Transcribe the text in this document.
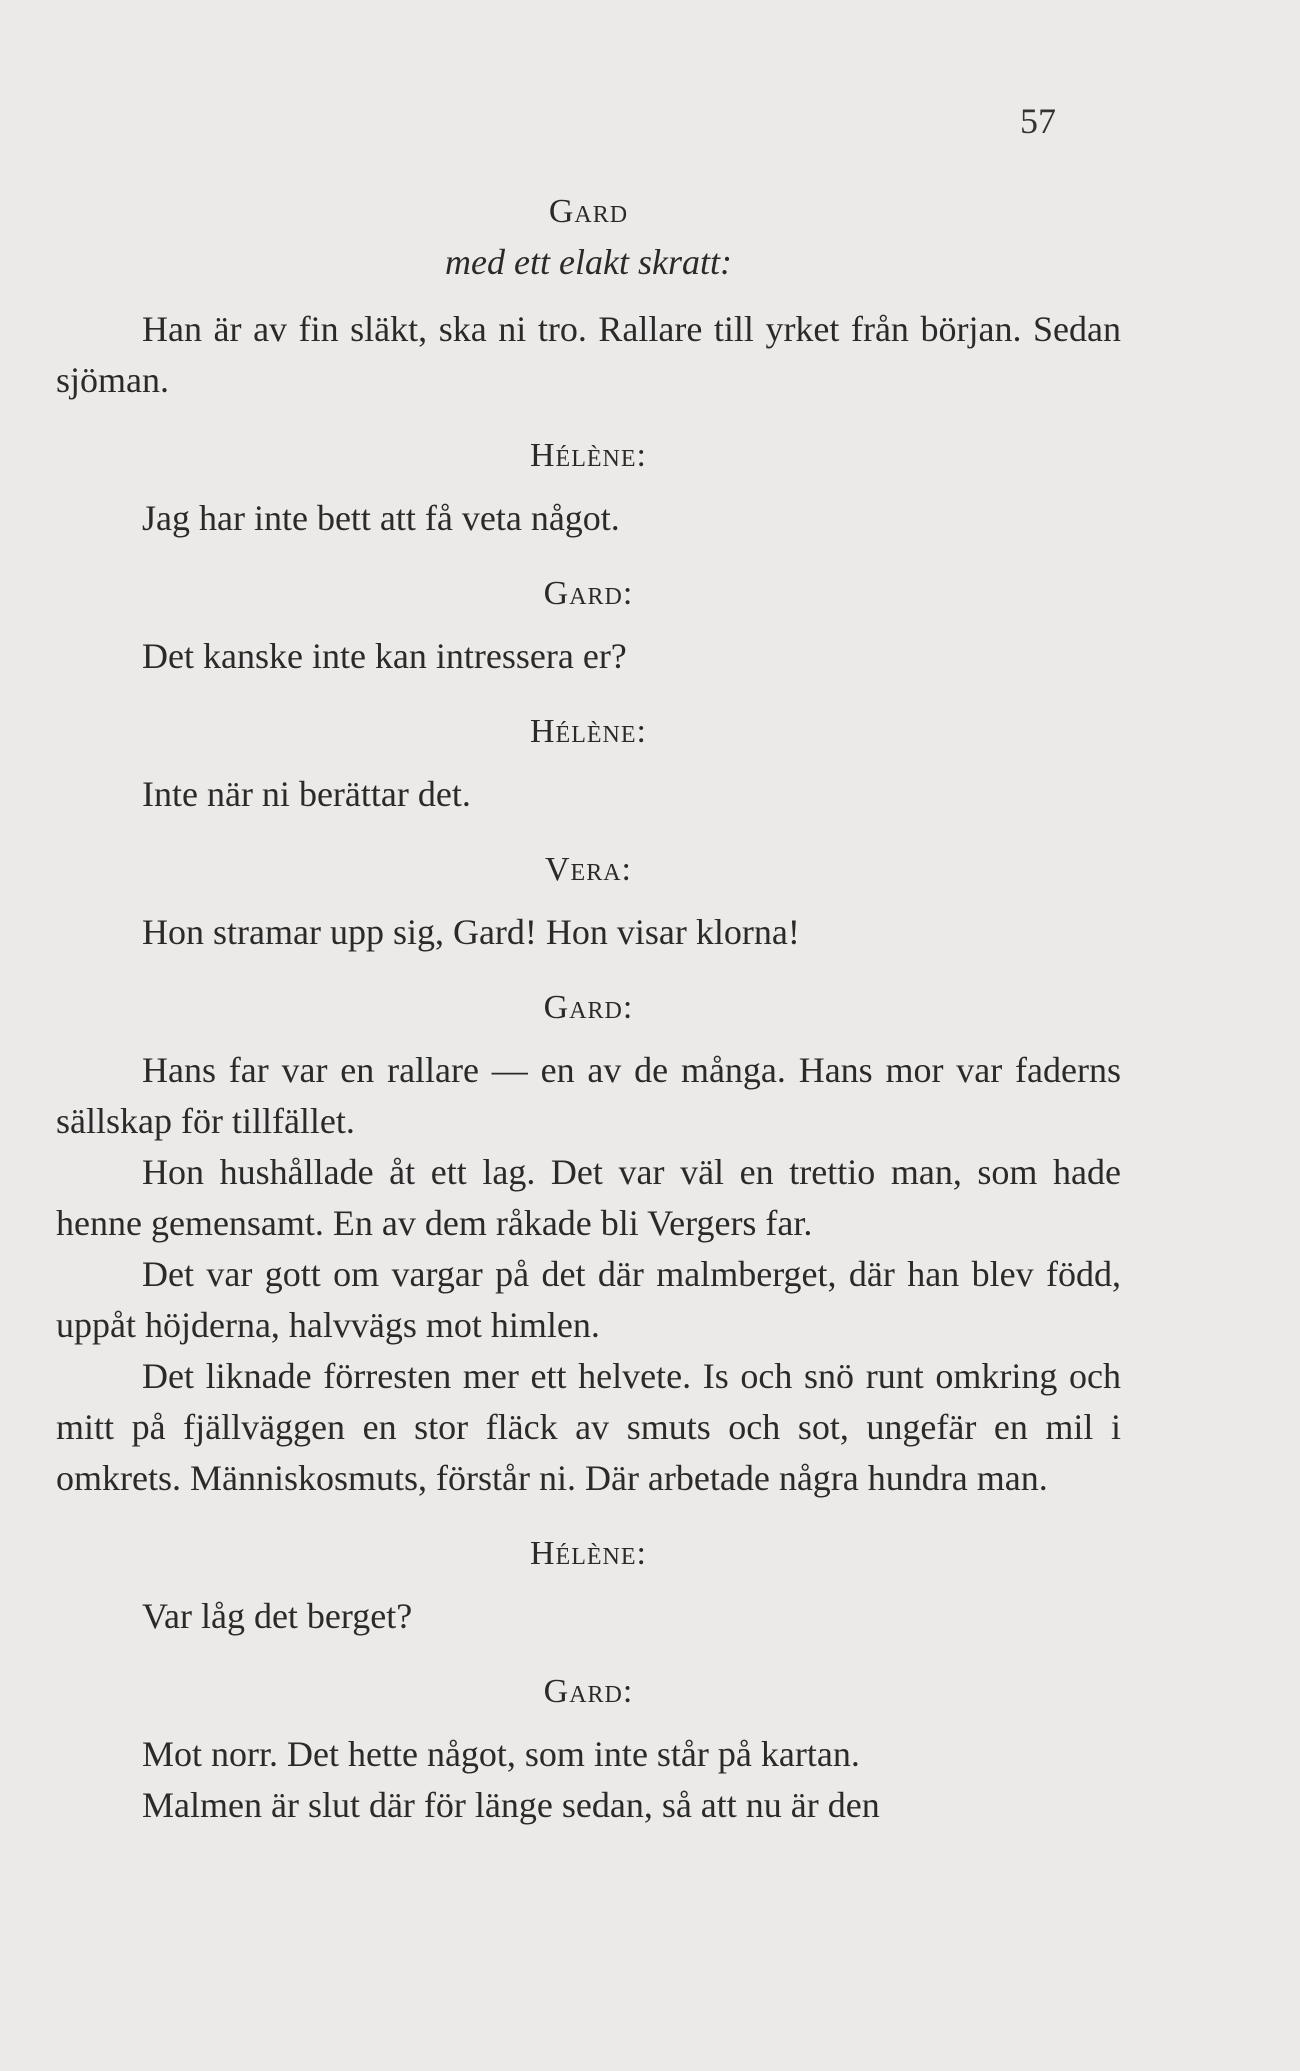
57

Gard

med ett elakt skratt:

Han är av fin släkt, ska ni tro. Rallare till yrket från början. Sedan sjöman.

Hélène:

Jag har inte bett att få veta något.

Gard:

Det kanske inte kan intressera er?

Hélène:

Inte när ni berättar det.

Vera:

Hon stramar upp sig, Gard! Hon visar klorna!

Gard:

Hans far var en rallare — en av de många. Hans mor var faderns sällskap för tillfället.

Hon hushållade åt ett lag. Det var väl en trettio man, som hade henne gemensamt. En av dem råkade bli Vergers far.

Det var gott om vargar på det där malmberget, där han blev född, uppåt höjderna, halvvägs mot himlen.

Det liknade förresten mer ett helvete. Is och snö runt omkring och mitt på fjällväggen en stor fläck av smuts och sot, ungefär en mil i omkrets. Människosmuts, förstår ni. Där arbetade några hundra man.

Hélène:

Var låg det berget?

Gard:

Mot norr. Det hette något, som inte står på kartan.

Malmen är slut där för länge sedan, så att nu är den
